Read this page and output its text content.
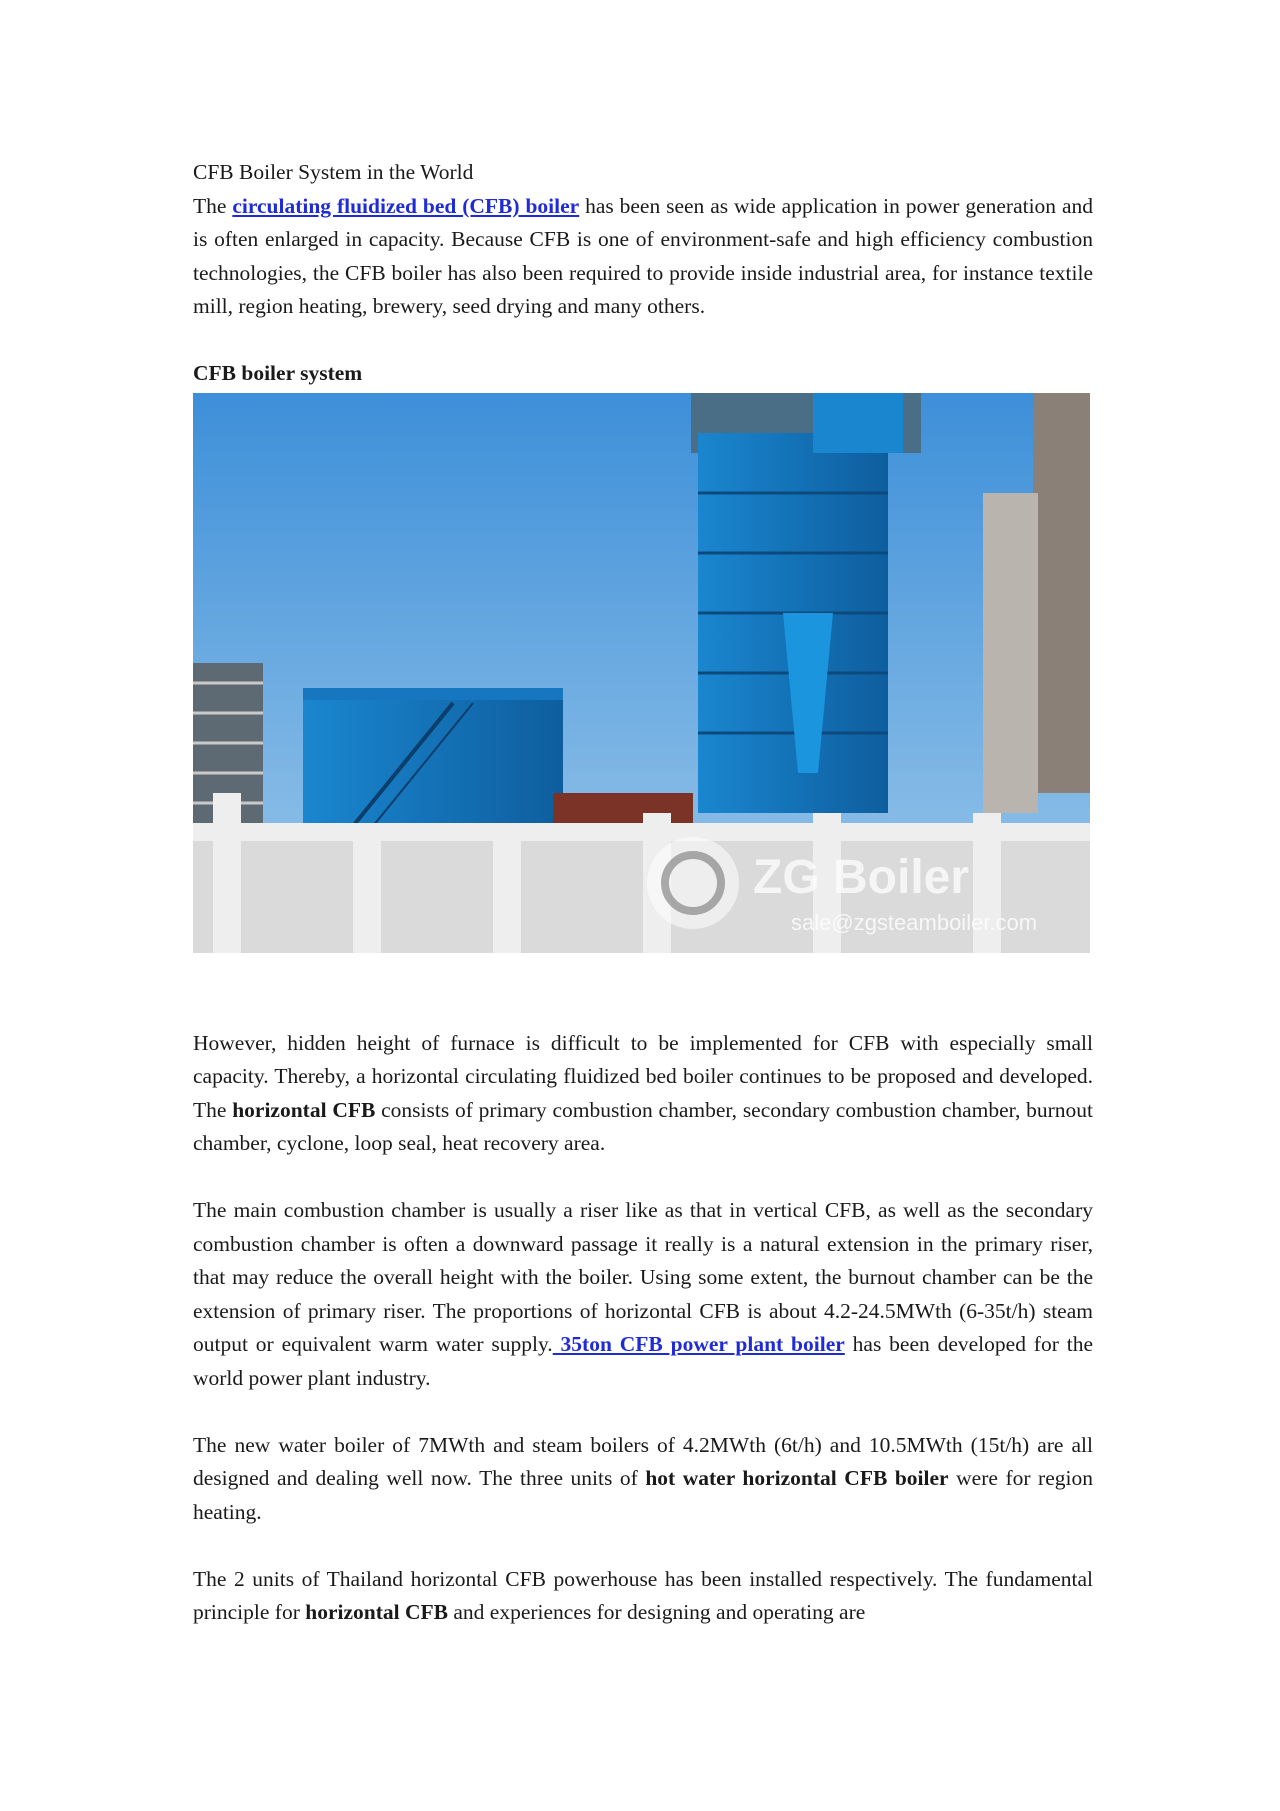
CFB Boiler System in the World

The circulating fluidized bed (CFB) boiler has been seen as wide application in power generation and is often enlarged in capacity. Because CFB is one of environment-safe and high efficiency combustion technologies, the CFB boiler has also been required to provide inside industrial area, for instance textile mill, region heating, brewery, seed drying and many others.

CFB boiler system

ZG Boiler
sale@zgsteamboiler.com

However, hidden height of furnace is difficult to be implemented for CFB with especially small capacity. Thereby, a horizontal circulating fluidized bed boiler continues to be proposed and developed. The horizontal CFB consists of primary combustion chamber, secondary combustion chamber, burnout chamber, cyclone, loop seal, heat recovery area.

The main combustion chamber is usually a riser like as that in vertical CFB, as well as the secondary combustion chamber is often a downward passage it really is a natural extension in the primary riser, that may reduce the overall height with the boiler. Using some extent, the burnout chamber can be the extension of primary riser. The proportions of horizontal CFB is about 4.2-24.5MWth (6-35t/h) steam output or equivalent warm water supply. 35ton CFB power plant boiler has been developed for the world power plant industry.

The new water boiler of 7MWth and steam boilers of 4.2MWth (6t/h) and 10.5MWth (15t/h) are all designed and dealing well now. The three units of hot water horizontal CFB boiler were for region heating.

The 2 units of Thailand horizontal CFB powerhouse has been installed respectively. The fundamental principle for horizontal CFB and experiences for designing and operating are
